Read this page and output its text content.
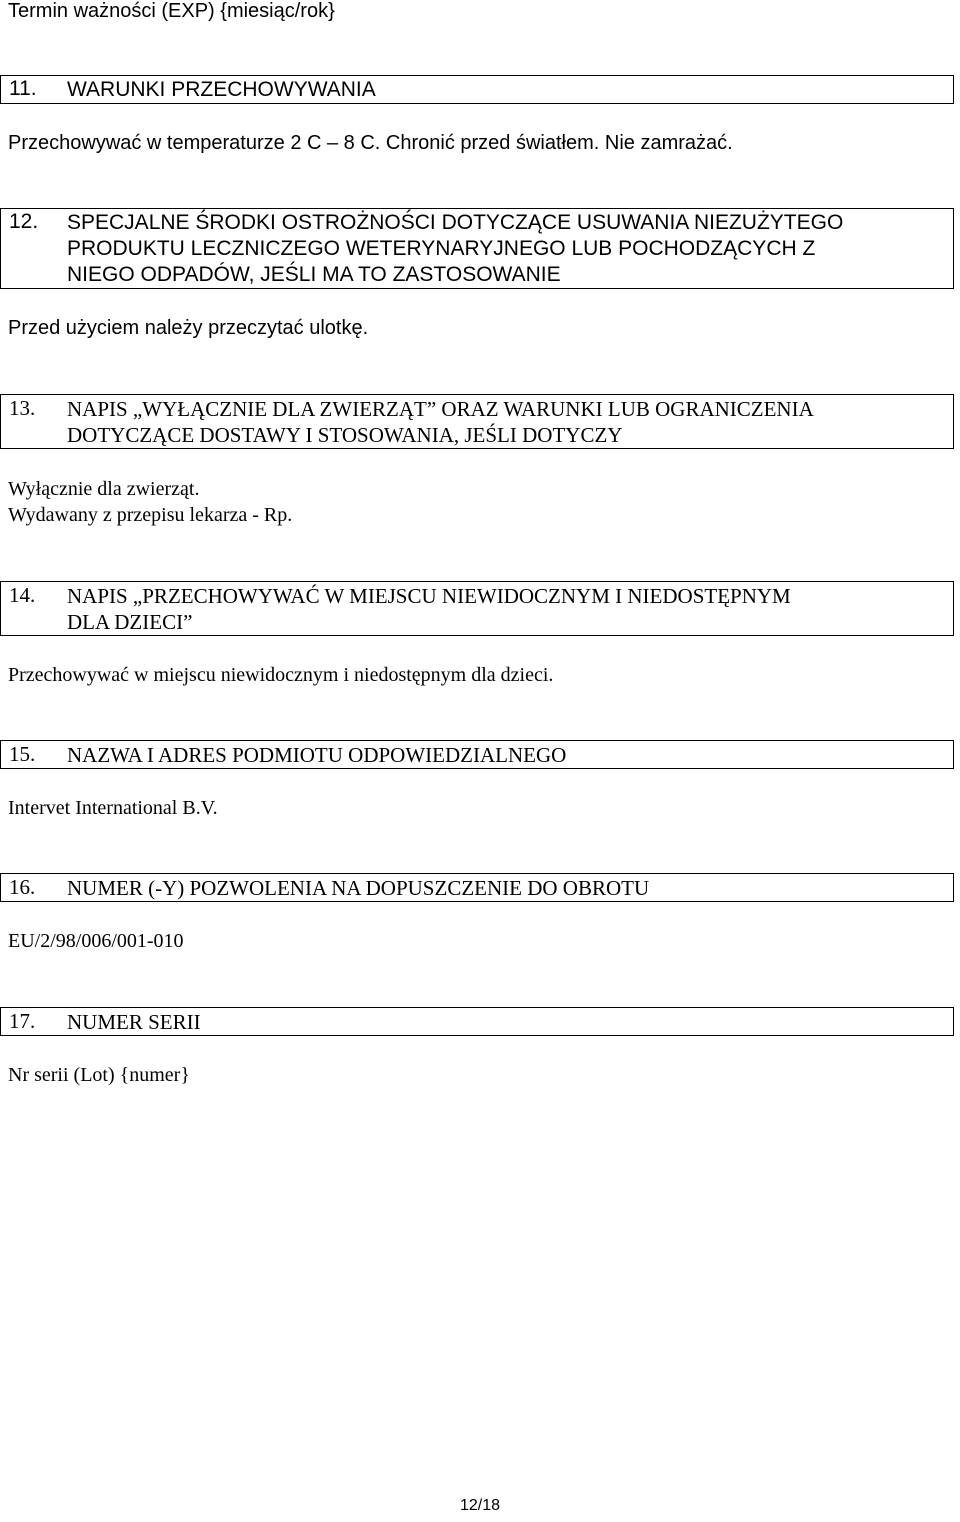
Termin ważności (EXP) {miesiąc/rok}
11. WARUNKI PRZECHOWYWANIA
Przechowywać w temperaturze 2 C – 8 C. Chronić przed światłem. Nie zamrażać.
12. SPECJALNE ŚRODKI OSTROŻNOŚCI DOTYCZĄCE USUWANIA NIEZUŻYTEGO
PRODUKTU LECZNICZEGO WETERYNARYJNEGO LUB POCHODZĄCYCH Z
NIEGO ODPADÓW, JEŚLI MA TO ZASTOSOWANIE
Przed użyciem należy przeczytać ulotkę.
13. NAPIS „WYŁĄCZNIE DLA ZWIERZĄT” ORAZ WARUNKI LUB OGRANICZENIA
DOTYCZĄCE DOSTAWY I STOSOWANIA, JEŚLI DOTYCZY
Wyłącznie dla zwierząt.
Wydawany z przepisu lekarza - Rp.
14. NAPIS „PRZECHOWYWAĆ W MIEJSCU NIEWIDOCZNYM I NIEDOSTĘPNYM
DLA DZIECI”
Przechowywać w miejscu niewidocznym i niedostępnym dla dzieci.
15. NAZWA I ADRES PODMIOTU ODPOWIEDZIALNEGO
Intervet International B.V.
16. NUMER (-Y) POZWOLENIA NA DOPUSZCZENIE DO OBROTU
EU/2/98/006/001-010
17. NUMER SERII
Nr serii (Lot) {numer}
12/18
